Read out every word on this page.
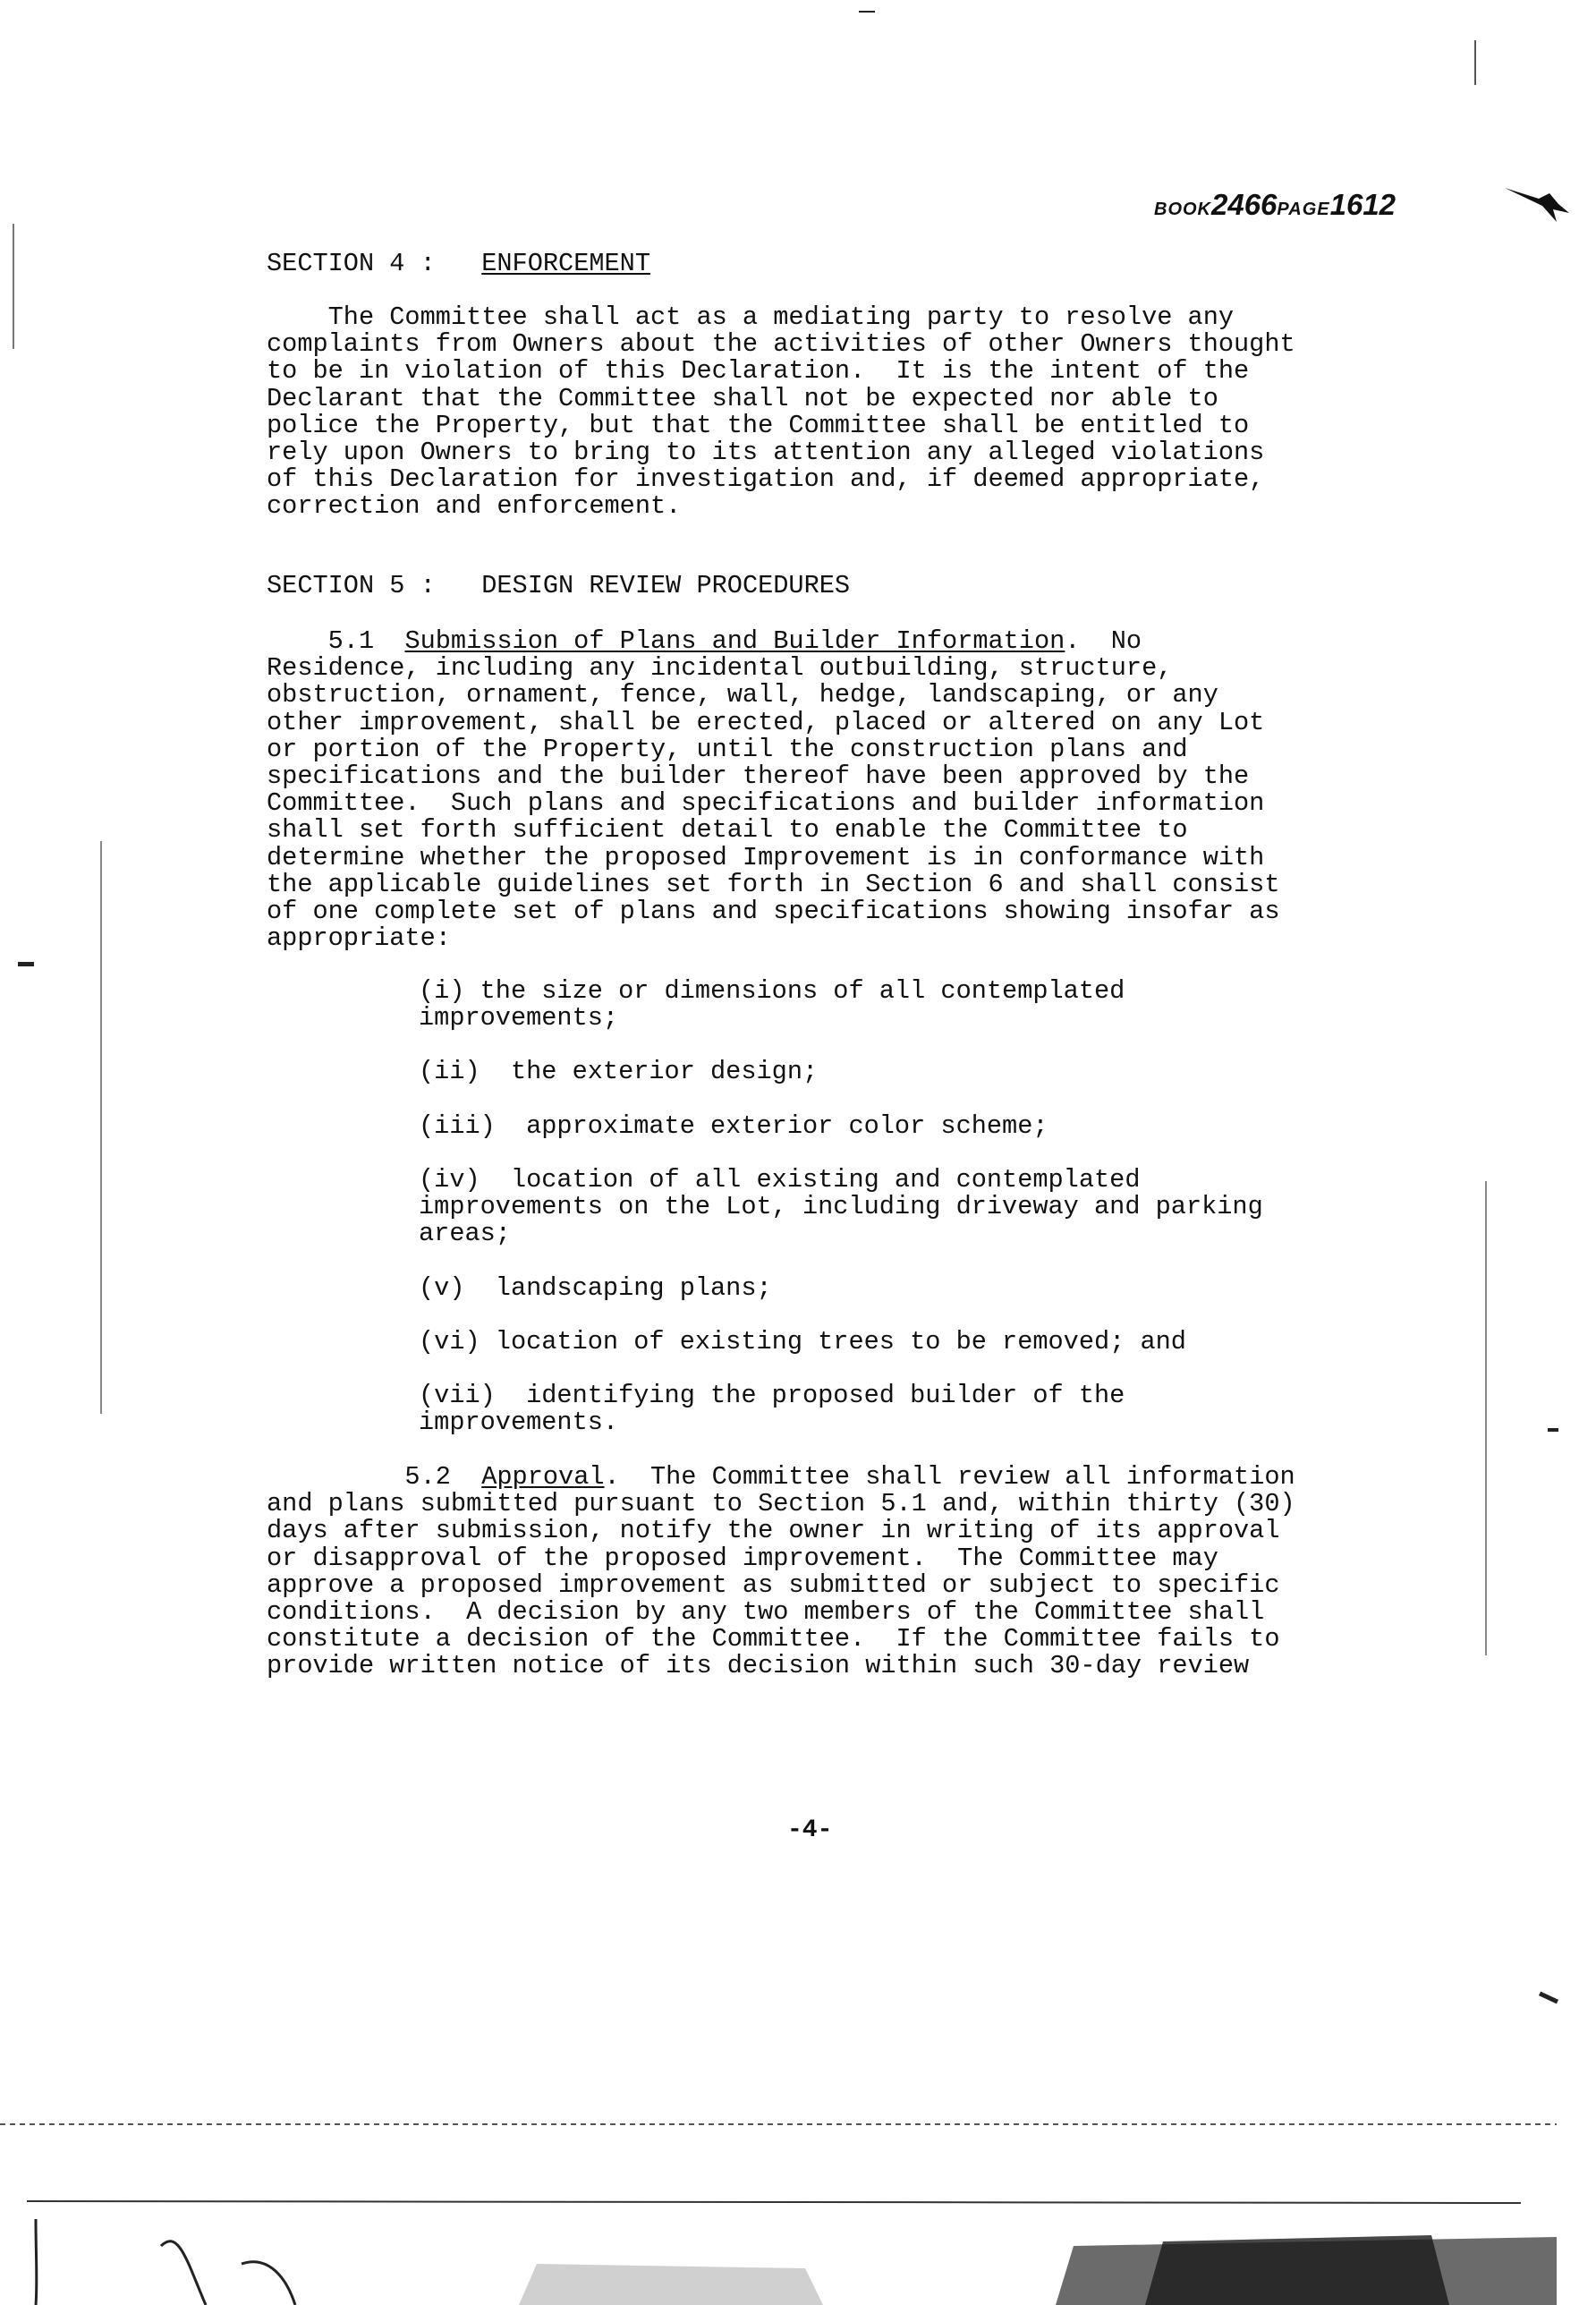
BOOK2466PAGE1612
SECTION 4 : ENFORCEMENT
The Committee shall act as a mediating party to resolve any
complaints from Owners about the activities of other Owners thought
to be in violation of this Declaration.  It is the intent of the
Declarant that the Committee shall not be expected nor able to
police the Property, but that the Committee shall be entitled to
rely upon Owners to bring to its attention any alleged violations
of this Declaration for investigation and, if deemed appropriate,
correction and enforcement.
SECTION 5 : DESIGN REVIEW PROCEDURES
5.1  Submission of Plans and Builder Information.  No
Residence, including any incidental outbuilding, structure,
obstruction, ornament, fence, wall, hedge, landscaping, or any
other improvement, shall be erected, placed or altered on any Lot
or portion of the Property, until the construction plans and
specifications and the builder thereof have been approved by the
Committee.  Such plans and specifications and builder information
shall set forth sufficient detail to enable the Committee to
determine whether the proposed Improvement is in conformance with
the applicable guidelines set forth in Section 6 and shall consist
of one complete set of plans and specifications showing insofar as
appropriate:
(i) the size or dimensions of all contemplated
improvements;
(ii)  the exterior design;
(iii)  approximate exterior color scheme;
(iv)  location of all existing and contemplated
improvements on the Lot, including driveway and parking
areas;
(v)  landscaping plans;
(vi) location of existing trees to be removed; and
(vii)  identifying the proposed builder of the
improvements.
5.2  Approval.  The Committee shall review all information
and plans submitted pursuant to Section 5.1 and, within thirty (30)
days after submission, notify the owner in writing of its approval
or disapproval of the proposed improvement.  The Committee may
approve a proposed improvement as submitted or subject to specific
conditions.  A decision by any two members of the Committee shall
constitute a decision of the Committee.  If the Committee fails to
provide written notice of its decision within such 30-day review
-4-
